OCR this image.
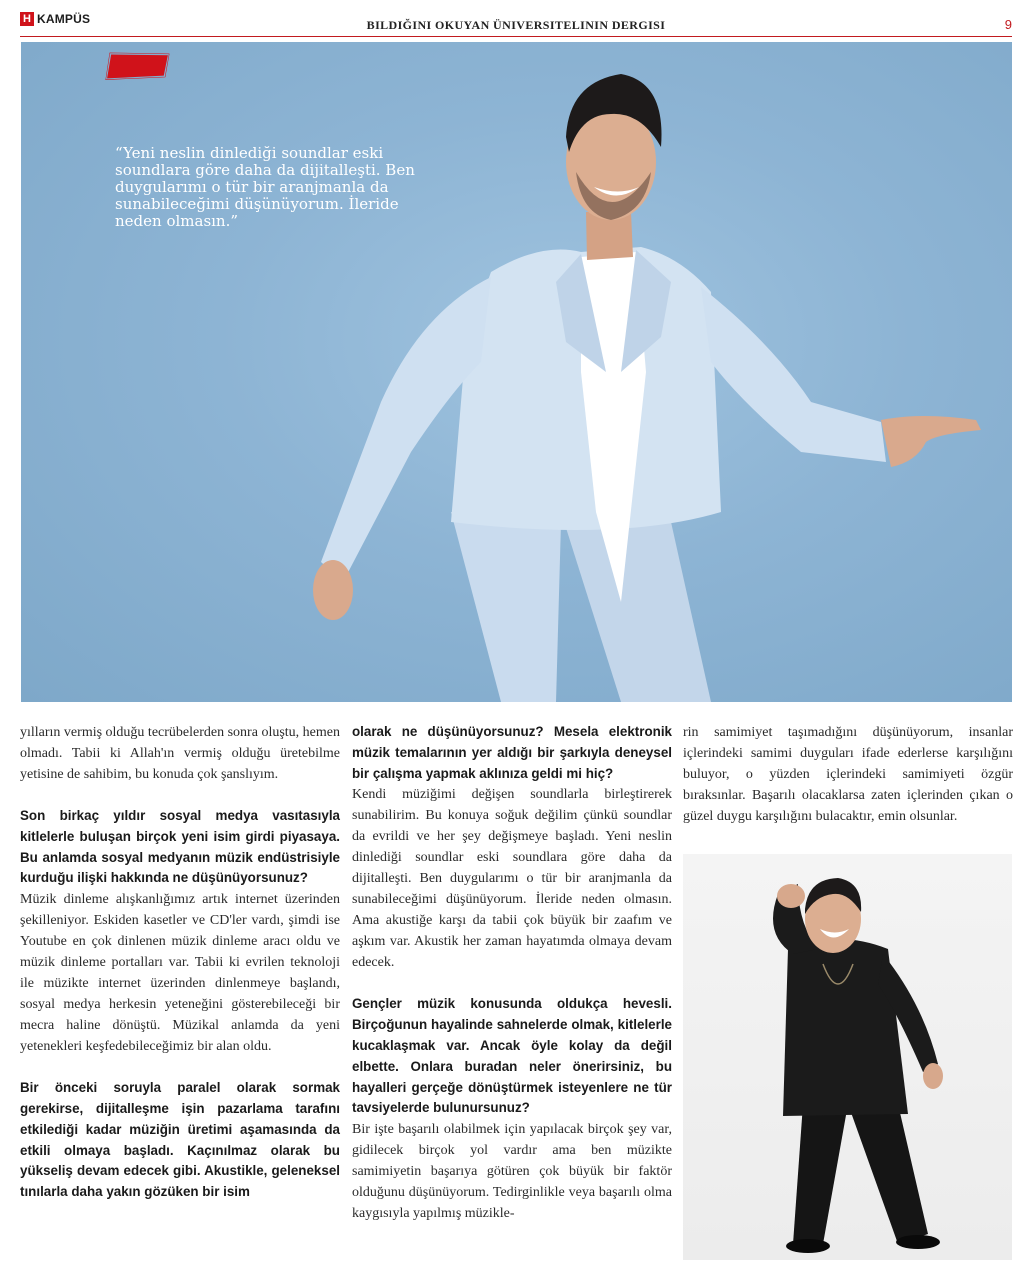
H KAMPÜS	BILDIĞINI OKUYAN ÜNIVERSITELININ DERGISI	9
“Yeni neslin dinlediği soundlar eski soundlara göre daha da dijitalleşti. Ben duygularımı o tür bir aranjmanla da sunabileceğimi düşünüyorum. İleride neden olmasın.”

yılların vermiş olduğu tecrübelerden sonra oluştu, hemen olmadı. Tabii ki Allah'ın vermiş olduğu üretebilme yetisine de sahibim, bu konuda çok şanslıyım.

Son birkaç yıldır sosyal medya vasıtasıyla kitlelerle buluşan birçok yeni isim girdi piyasaya. Bu anlamda sosyal medyanın müzik endüstrisiyle kurduğu ilişki hakkında ne düşünüyorsunuz?

Müzik dinleme alışkanlığımız artık internet üzerinden şekilleniyor. Eskiden kasetler ve CD'ler vardı, şimdi ise Youtube en çok dinlenen müzik dinleme aracı oldu ve müzik dinleme portalları var. Tabii ki evrilen teknoloji ile müzikte internet üzerinden dinlenmeye başlandı, sosyal medya herkesin yeteneğini gösterebileceği bir mecra haline dönüştü. Müzikal anlamda da yeni yetenekleri keşfedebileceğimiz bir alan oldu.

Bir önceki soruyla paralel olarak sormak gerekirse, dijitalleşme işin pazarlama tarafını etkilediği kadar müziğin üretimi aşamasında da etkili olmaya başladı. Kaçınılmaz olarak bu yükseliş devam edecek gibi. Akustikle, geleneksel tınılarla daha yakın gözüken bir isim

olarak ne düşünüyorsunuz? Mesela elektronik müzik temalarının yer aldığı bir şarkıyla deneysel bir çalışma yapmak aklınıza geldi mi hiç?

Kendi müziğimi değişen soundlarla birleştirerek sunabilirim. Bu konuya soğuk değilim çünkü soundlar da evrildi ve her şey değişmeye başladı. Yeni neslin dinlediği soundlar eski soundlara göre daha da dijitalleşti. Ben duygularımı o tür bir aranjmanla da sunabileceğimi düşünüyorum. İleride neden olmasın. Ama akustiğe karşı da tabii çok büyük bir zaafım ve aşkım var. Akustik her zaman hayatımda olmaya devam edecek.

Gençler müzik konusunda oldukça hevesli. Birçoğunun hayalinde sahnelerde olmak, kitlelerle kucaklaşmak var. Ancak öyle kolay da değil elbette. Onlara buradan neler önerirsiniz, bu hayalleri gerçeğe dönüştürmek isteyenlere ne tür tavsiyelerde bulunursunuz?

Bir işte başarılı olabilmek için yapılacak birçok şey var, gidilecek birçok yol vardır ama ben müzikte samimiyetin başarıya götüren çok büyük bir faktör olduğunu düşünüyorum. Tedirginlikle veya başarılı olma kaygısıyla yapılmış müzikle-

rin samimiyet taşımadığını düşünüyorum, insanlar içlerindeki samimi duyguları ifade ederlerse karşılığını buluyor, o yüzden içlerindeki samimiyeti özgür bıraksınlar. Başarılı olacaklarsa zaten içlerinden çıkan o güzel duygu karşılığını bulacaktır, emin olsunlar.
